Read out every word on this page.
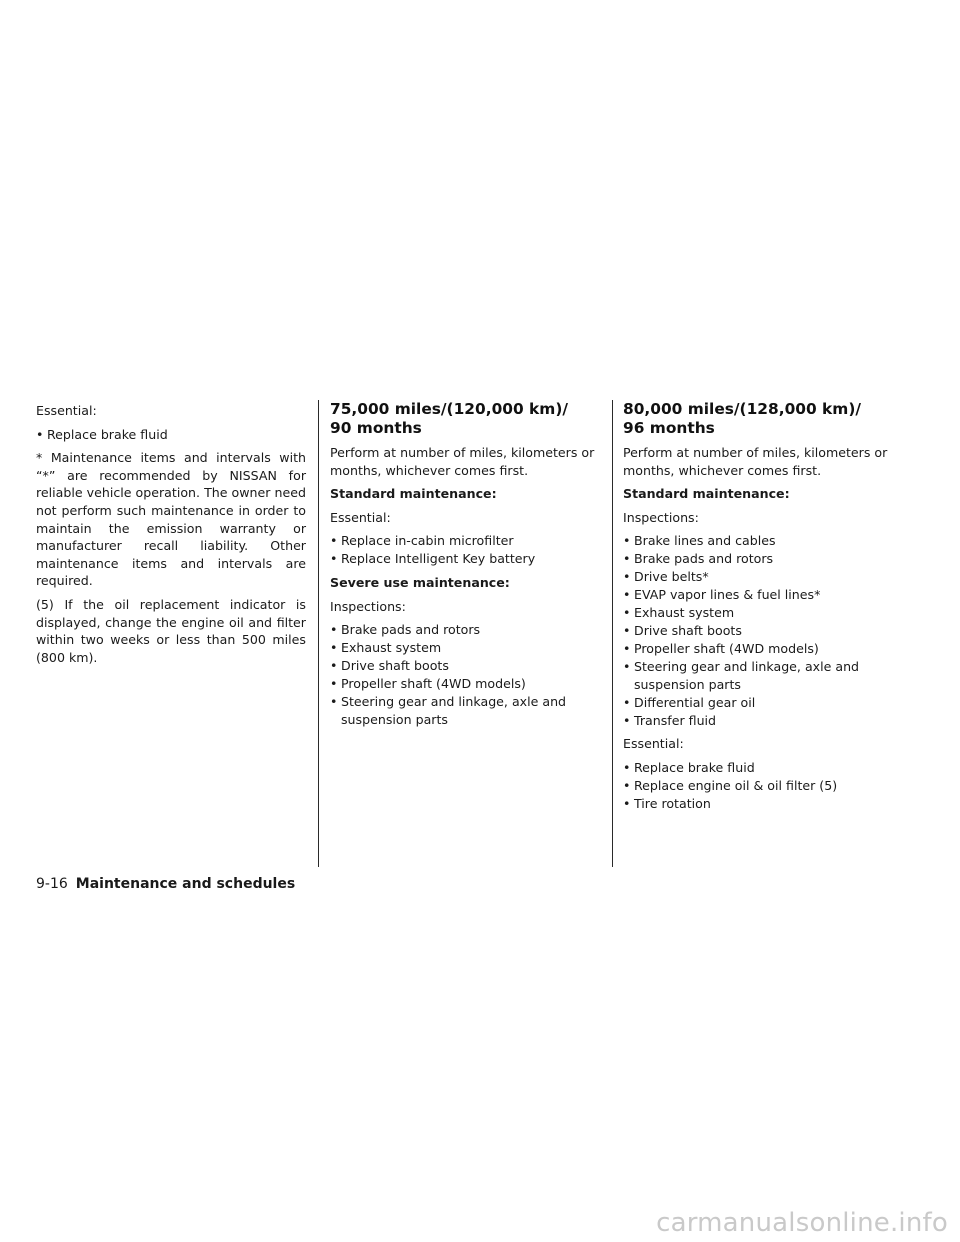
Essential:

• Replace brake fluid

* Maintenance items and intervals with “*” are recommended by NISSAN for reliable vehicle operation. The owner need not perform such maintenance in order to maintain the emission warranty or manufacturer recall liability. Other maintenance items and intervals are required.

(5) If the oil replacement indicator is displayed, change the engine oil and filter within two weeks or less than 500 miles (800 km).

75,000 miles/(120,000 km)/
90 months

Perform at number of miles, kilometers or months, whichever comes first.

Standard maintenance:

Essential:

• Replace in-cabin microfilter
• Replace Intelligent Key battery

Severe use maintenance:

Inspections:

• Brake pads and rotors
• Exhaust system
• Drive shaft boots
• Propeller shaft (4WD models)
• Steering gear and linkage, axle and suspension parts
80,000 miles/(128,000 km)/
96 months

Perform at number of miles, kilometers or months, whichever comes first.

Standard maintenance:

Inspections:

• Brake lines and cables
• Brake pads and rotors
• Drive belts*
• EVAP vapor lines & fuel lines*
• Exhaust system
• Drive shaft boots
• Propeller shaft (4WD models)
• Steering gear and linkage, axle and suspension parts
• Differential gear oil
• Transfer fluid

Essential:

• Replace brake fluid
• Replace engine oil & oil filter (5)
• Tire rotation
9-16 Maintenance and schedules
carmanualsonline.info
